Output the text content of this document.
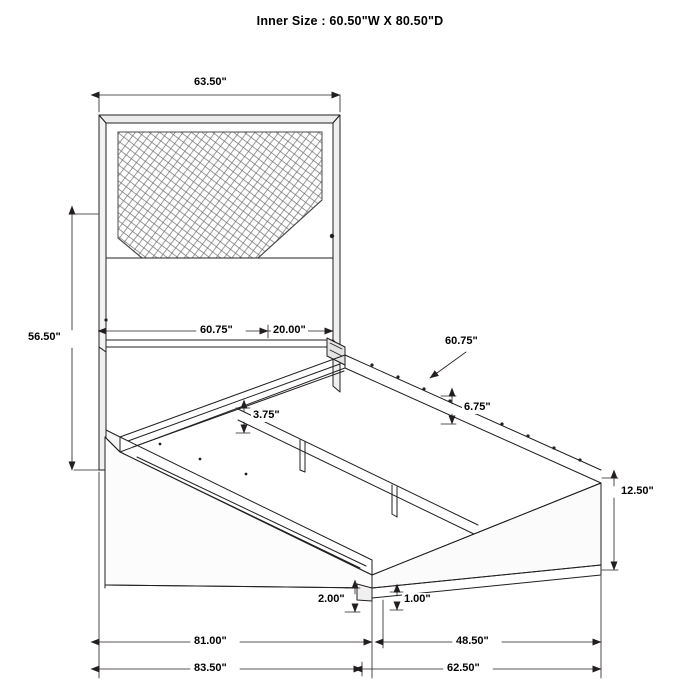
Inner Size : 60.50"W X 80.50"D
63.50"
56.50"
60.75"	20.00"
60.75"
6.75"
3.75"
12.50"
2.00"	1.00"
81.00"	48.50"
83.50"	62.50"
